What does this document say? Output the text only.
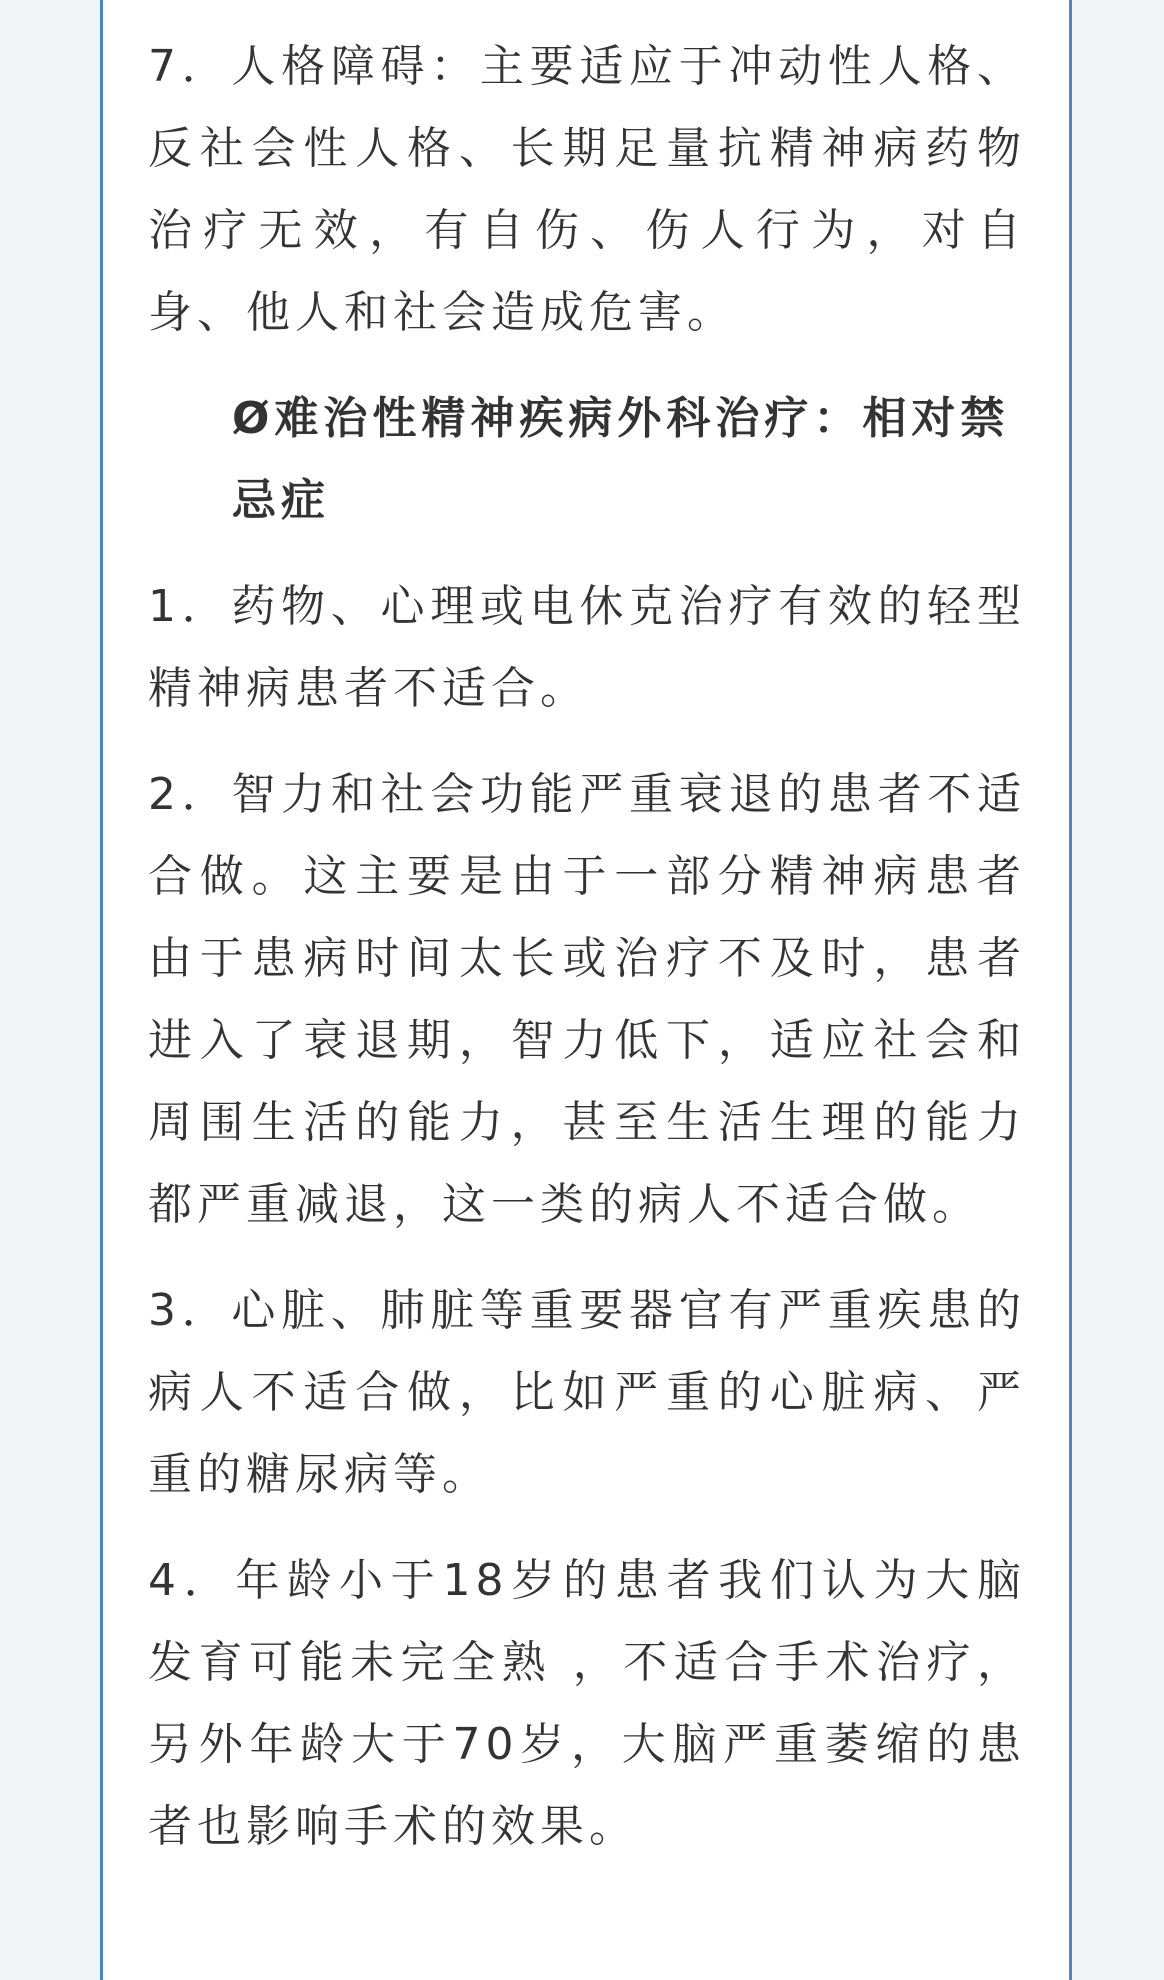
7．人格障碍：主要适应于冲动性人格、反社会性人格、长期足量抗精神病药物治疗无效，有自伤、伤人行为，对自身、他人和社会造成危害。

Ø难治性精神疾病外科治疗：相对禁忌症

1．药物、心理或电休克治疗有效的轻型精神病患者不适合。

2．智力和社会功能严重衰退的患者不适合做。这主要是由于一部分精神病患者由于患病时间太长或治疗不及时，患者进入了衰退期，智力低下，适应社会和周围生活的能力，甚至生活生理的能力都严重减退，这一类的病人不适合做。

3．心脏、肺脏等重要器官有严重疾患的病人不适合做，比如严重的心脏病、严重的糖尿病等。

4．年龄小于18岁的患者我们认为大脑发育可能未完全熟 ，不适合手术治疗，另外年龄大于70岁，大脑严重萎缩的患者也影响手术的效果。
